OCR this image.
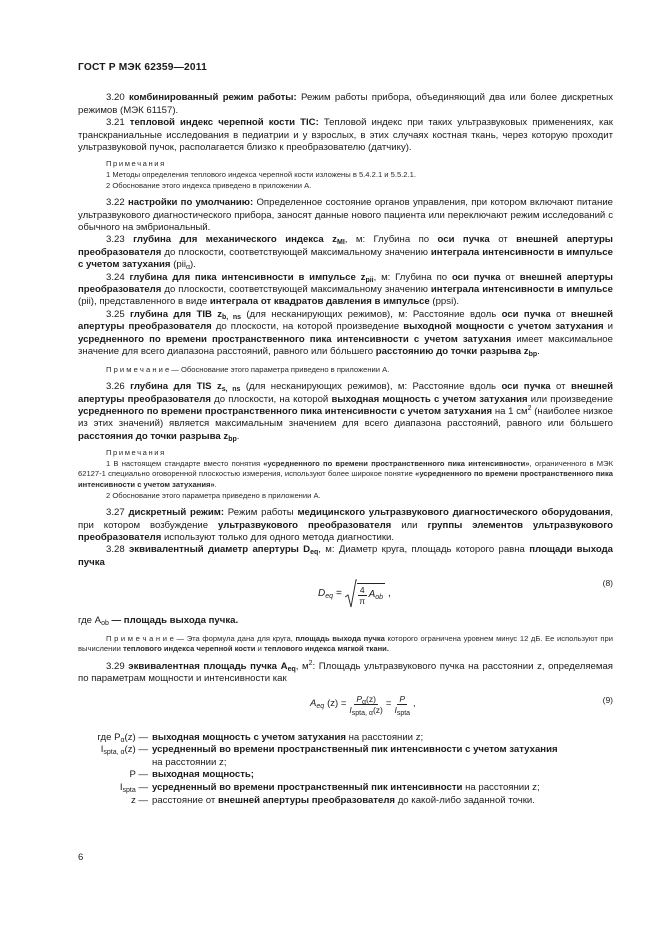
ГОСТ Р МЭК 62359—2011

3.20 комбинированный режим работы: Режим работы прибора, объединяющий два или более дискретных режимов (МЭК 61157).

3.21 тепловой индекс черепной кости TIC: Тепловой индекс при таких ультразвуковых применениях, как транскраниальные исследования в педиатрии и у взрослых, в этих случаях костная ткань, через которую проходит ультразвуковой пучок, располагается близко к преобразователю (датчику).

Примечания

1 Методы определения теплового индекса черепной кости изложены в 5.4.2.1 и 5.5.2.1.

2 Обоснование этого индекса приведено в приложении А.

3.22 настройки по умолчанию: Определенное состояние органов управления, при котором включают питание ультразвукового диагностического прибора, заносят данные нового пациента или переключают режим исследований с обычного на эмбриональный.

3.23 глубина для механического индекса $z_{MI}$, м: Глубина по оси пучка от внешней апертуры преобразователя до плоскости, соответствующей максимальному значению интеграла интенсивности в импульсе с учетом затухания (pii$_\alpha$).

3.24 глубина для пика интенсивности в импульсе $z_{pii}$, м: Глубина по оси пучка от внешней апертуры преобразователя до плоскости, соответствующей максимальному значению интеграла интенсивности в импульсе (pii), представленного в виде интеграла от квадратов давления в импульсе (ppsi).

3.25 глубина для TIB $z_{b, ns}$ (для несканирующих режимов), м: Расстояние вдоль оси пучка от внешней апертуры преобразователя до плоскости, на которой произведение выходной мощности с учетом затухания и усредненного по времени пространственного пика интенсивности с учетом затухания имеет максимальное значение для всего диапазона расстояний, равного или бóльшего расстоянию до точки разрыва $z_{bp}$.

П р и м е ч а н и е — Обоснование этого параметра приведено в приложении А.

3.26 глубина для TIS $z_{s, ns}$ (для несканирующих режимов), м: Расстояние вдоль оси пучка от внешней апертуры преобразователя до плоскости, на которой выходная мощность с учетом затухания или произведение усредненного по времени пространственного пика интенсивности с учетом затухания на 1 $см^2$ (наиболее низкое из этих значений) является максимальным значением для всего диапазона расстояний, равного или бóльшего расстояния до точки разрыва $z_{bp}$.

Примечания

1 В настоящем стандарте вместо понятия «усредненного по времени пространственного пика интенсивности», ограниченного в МЭК 62127-1 специально оговоренной плоскостью измерения, используют более широкое понятие «усредненного по времени пространственного пика интенсивности с учетом затухания».

2 Обоснование этого параметра приведено в приложении А.

3.27 дискретный режим: Режим работы медицинского ультразвукового диагностического оборудования, при котором возбуждение ультразвукового преобразователя или группы элементов ультразвукового преобразователя используют только для одного метода диагностики.

3.28 эквивалентный диаметр апертуры $D_{eq}$, м: Диаметр круга, площадь которого равна площади выхода пучка

$D_{eq} = \frac{4}{\pi} A_{ob}$ ,
(8)

где $A_{ob}$ — площадь выхода пучка.

П р и м е ч а н и е — Эта формула дана для круга, площадь выхода пучка которого ограничена уровнем минус 12 дБ. Ее используют при вычислении теплового индекса черепной кости и теплового индекса мягкой ткани.

3.29 эквивалентная площадь пучка $A_{eq}$, $м^2$: Площадь ультразвукового пучка на расстоянии z, определяемая по параметрам мощности и интенсивности как

$A_{eq}$ $(z) = \frac{P_\alpha(z)}{I_{spta, \alpha}(z)} = \frac{P}{I_{spta}}$ ,	(9)
где $P_\alpha(z)$ — выходная мощность с учетом затухания на расстоянии z;
$I_{spta, \alpha}(z)$ — усредненный во времени пространственный пик интенсивности с учетом затухания
на расстоянии z;
P — выходная мощность;
$I_{spta}$ — усредненный во времени пространственный пик интенсивности на расстоянии z;
z — расстояние от внешней апертуры преобразователя до какой-либо заданной точки.
6
